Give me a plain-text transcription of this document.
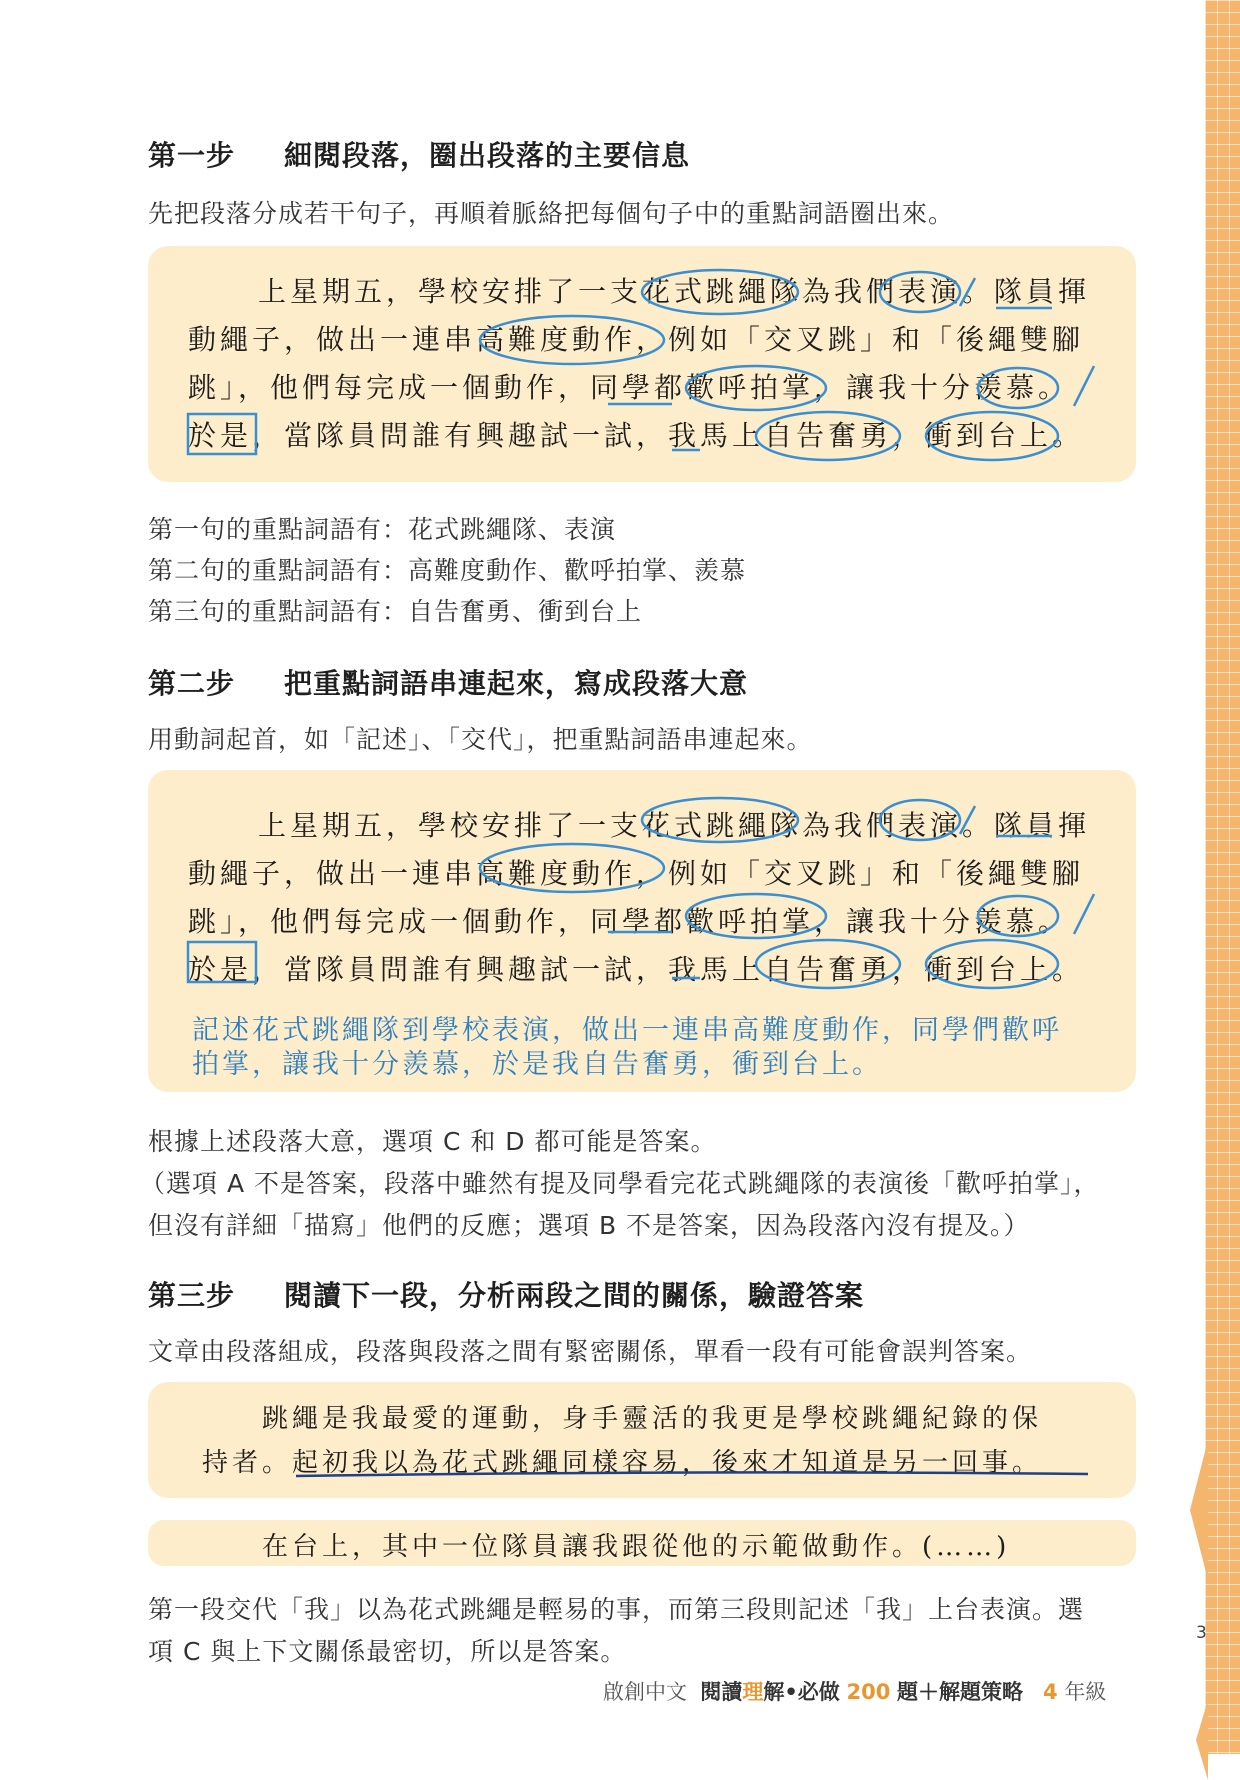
第一步 細閱段落，圈出段落的主要信息
先把段落分成若干句子，再順着脈絡把每個句子中的重點詞語圈出來。
上星期五，學校安排了一支花式跳繩隊為我們表演。隊員揮
動繩子，做出一連串高難度動作，例如「交叉跳」和「後繩雙腳
跳」，他們每完成一個動作，同學都歡呼拍掌，讓我十分羨慕。
於是，當隊員問誰有興趣試一試，我馬上自告奮勇，衝到台上。
第一句的重點詞語有：花式跳繩隊、表演
第二句的重點詞語有：高難度動作、歡呼拍掌、羨慕
第三句的重點詞語有：自告奮勇、衝到台上
第二步 把重點詞語串連起來，寫成段落大意
用動詞起首，如「記述」、「交代」，把重點詞語串連起來。
上星期五，學校安排了一支花式跳繩隊為我們表演。隊員揮
動繩子，做出一連串高難度動作，例如「交叉跳」和「後繩雙腳
跳」，他們每完成一個動作，同學都歡呼拍掌，讓我十分羨慕。
於是，當隊員問誰有興趣試一試，我馬上自告奮勇，衝到台上。
記述花式跳繩隊到學校表演，做出一連串高難度動作，同學們歡呼
拍掌，讓我十分羨慕，於是我自告奮勇，衝到台上。
根據上述段落大意，選項 C 和 D 都可能是答案。
（選項 A 不是答案，段落中雖然有提及同學看完花式跳繩隊的表演後「歡呼拍掌」，
但沒有詳細「描寫」他們的反應；選項 B 不是答案，因為段落內沒有提及。）
第三步 閱讀下一段，分析兩段之間的關係，驗證答案
文章由段落組成，段落與段落之間有緊密關係，單看一段有可能會誤判答案。
跳繩是我最愛的運動，身手靈活的我更是學校跳繩紀錄的保
持者。起初我以為花式跳繩同樣容易，後來才知道是另一回事。
在台上，其中一位隊員讓我跟從他的示範做動作。(……)
第一段交代「我」以為花式跳繩是輕易的事，而第三段則記述「我」上台表演。選
項 C 與上下文關係最密切，所以是答案。
3
啟創中文 閱讀理解•必做 200 題＋解題策略 4 年級
